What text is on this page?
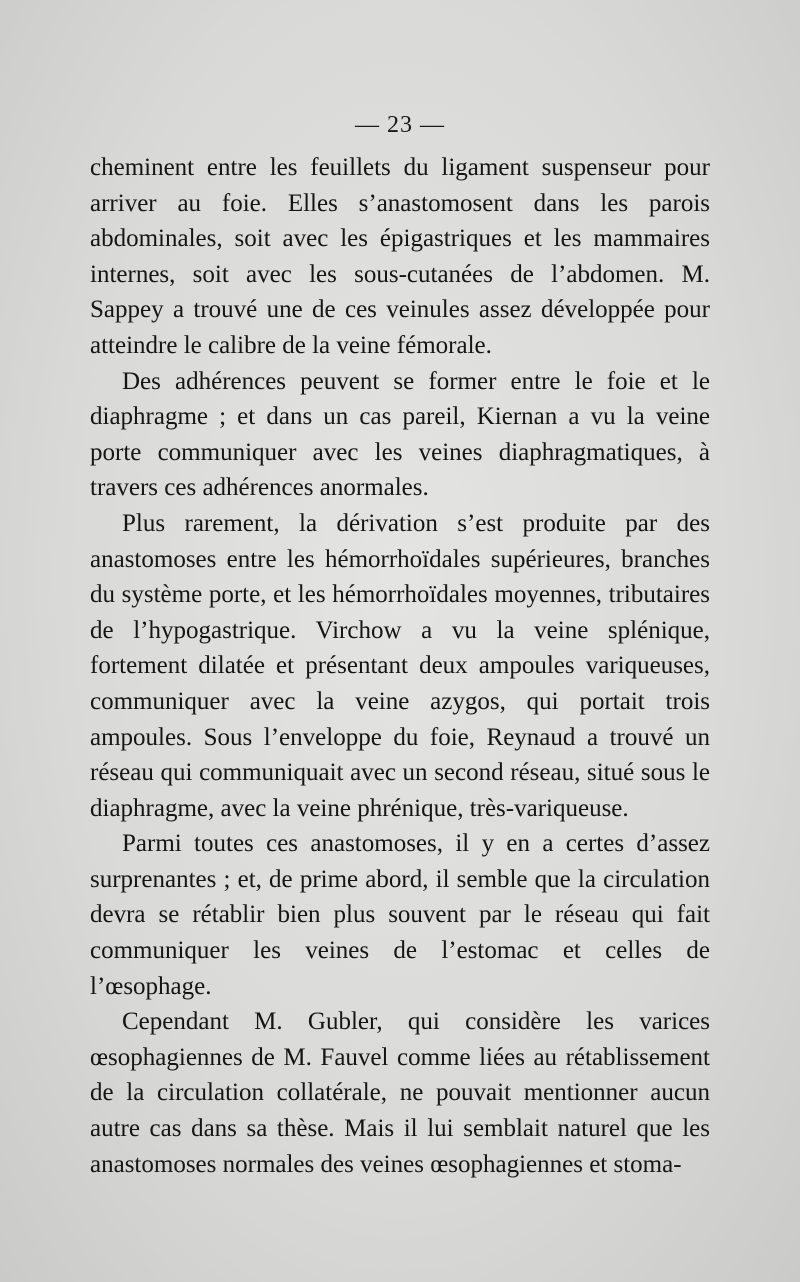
— 23 —

cheminent entre les feuillets du ligament suspenseur pour arriver au foie. Elles s’anastomosent dans les parois abdominales, soit avec les épigastriques et les mammaires internes, soit avec les sous-cutanées de l’abdomen. M. Sappey a trouvé une de ces veinules assez développée pour atteindre le calibre de la veine fémorale.

Des adhérences peuvent se former entre le foie et le diaphragme ; et dans un cas pareil, Kiernan a vu la veine porte communiquer avec les veines diaphragmatiques, à travers ces adhérences anormales.

Plus rarement, la dérivation s’est produite par des anastomoses entre les hémorrhoïdales supérieures, branches du système porte, et les hémorrhoïdales moyennes, tributaires de l’hypogastrique. Virchow a vu la veine splénique, fortement dilatée et présentant deux ampoules variqueuses, communiquer avec la veine azygos, qui portait trois ampoules. Sous l’enveloppe du foie, Reynaud a trouvé un réseau qui communiquait avec un second réseau, situé sous le diaphragme, avec la veine phrénique, très-variqueuse.

Parmi toutes ces anastomoses, il y en a certes d’assez surprenantes ; et, de prime abord, il semble que la circulation devra se rétablir bien plus souvent par le réseau qui fait communiquer les veines de l’estomac et celles de l’œsophage.

Cependant M. Gubler, qui considère les varices œsophagiennes de M. Fauvel comme liées au rétablissement de la circulation collatérale, ne pouvait mentionner aucun autre cas dans sa thèse. Mais il lui semblait naturel que les anastomoses normales des veines œsophagiennes et stoma-
